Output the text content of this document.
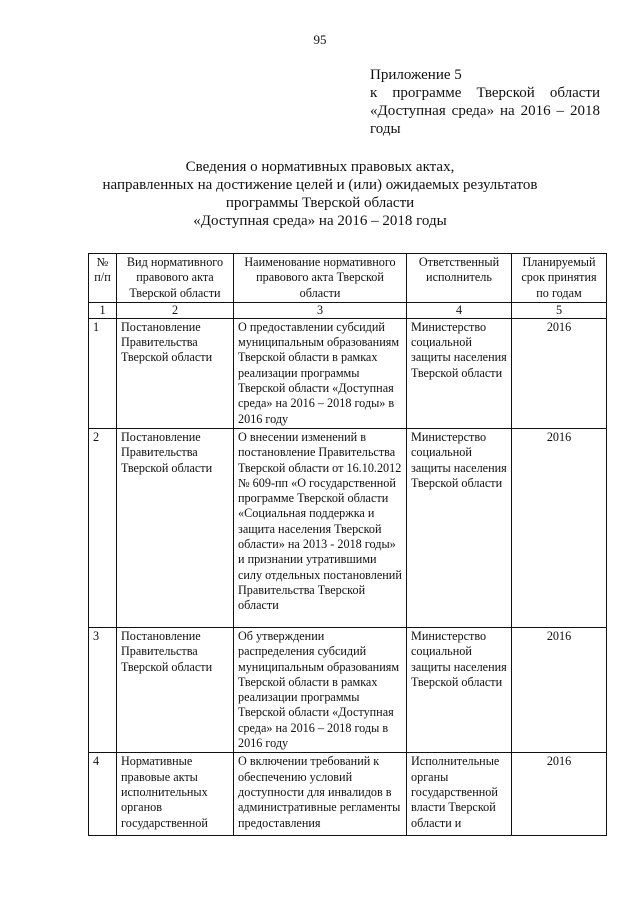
95
Приложение 5
к программе Тверской области
«Доступная среда» на 2016 – 2018
годы
Сведения о нормативных правовых актах,
направленных на достижение целей и (или) ожидаемых результатов
программы Тверской области
«Доступная среда» на 2016 – 2018 годы
№ п/п	Вид нормативного правового акта Тверской области	Наименование нормативного правового акта Тверской области	Ответственный исполнитель	Планируемый срок принятия по годам
1	2	3	4	5
1	Постановление Правительства Тверской области	О предоставлении субсидий муниципальным образованиям Тверской области в рамках реализации программы Тверской области «Доступная среда» на 2016 – 2018 годы» в 2016 году	Министерство социальной защиты населения Тверской области	2016
2	Постановление Правительства Тверской области	О внесении изменений в постановление Правительства Тверской области от 16.10.2012 № 609-пп «О государственной программе Тверской области «Социальная поддержка и защита населения Тверской области» на 2013 - 2018 годы» и признании утратившими силу отдельных постановлений Правительства Тверской области	Министерство социальной защиты населения Тверской области	2016
3	Постановление Правительства Тверской области	Об утверждении распределения субсидий муниципальным образованиям Тверской области в рамках реализации программы Тверской области «Доступная среда» на 2016 – 2018 годы в 2016 году	Министерство социальной защиты населения Тверской области	2016
4	Нормативные правовые акты исполнительных органов государственной	О включении требований к обеспечению условий доступности для инвалидов в административные регламенты предоставления	Исполнительные органы государственной власти Тверской области и	2016
